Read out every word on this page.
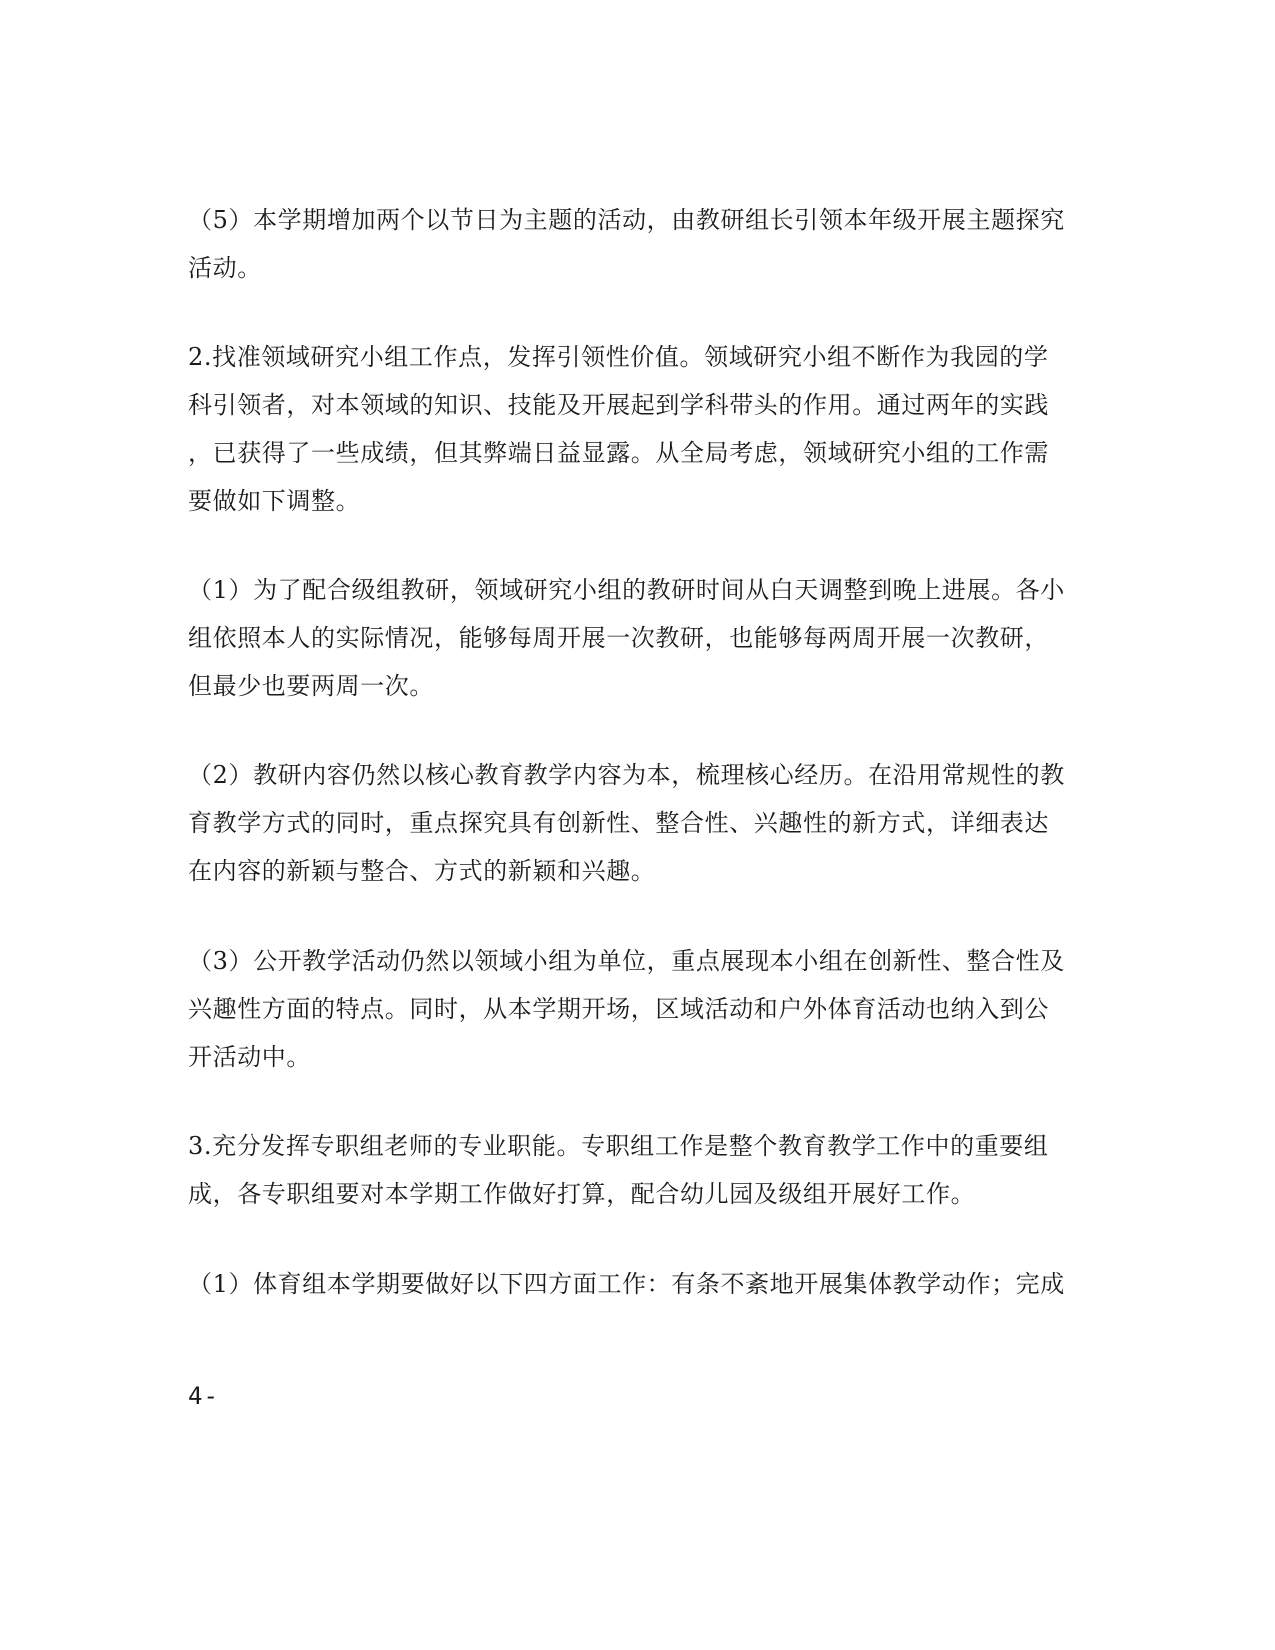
（5）本学期增加两个以节日为主题的活动，由教研组长引领本年级开展主题探究
活动。
2.找准领域研究小组工作点，发挥引领性价值。领域研究小组不断作为我园的学
科引领者，对本领域的知识、技能及开展起到学科带头的作用。通过两年的实践
，已获得了一些成绩，但其弊端日益显露。从全局考虑，领域研究小组的工作需
要做如下调整。
（1）为了配合级组教研，领域研究小组的教研时间从白天调整到晚上进展。各小
组依照本人的实际情况，能够每周开展一次教研，也能够每两周开展一次教研，
但最少也要两周一次。
（2）教研内容仍然以核心教育教学内容为本，梳理核心经历。在沿用常规性的教
育教学方式的同时，重点探究具有创新性、整合性、兴趣性的新方式，详细表达
在内容的新颖与整合、方式的新颖和兴趣。
（3）公开教学活动仍然以领域小组为单位，重点展现本小组在创新性、整合性及
兴趣性方面的特点。同时，从本学期开场，区域活动和户外体育活动也纳入到公
开活动中。
3.充分发挥专职组老师的专业职能。专职组工作是整个教育教学工作中的重要组
成，各专职组要对本学期工作做好打算，配合幼儿园及级组开展好工作。
（1）体育组本学期要做好以下四方面工作：有条不紊地开展集体教学动作；完成
4-
